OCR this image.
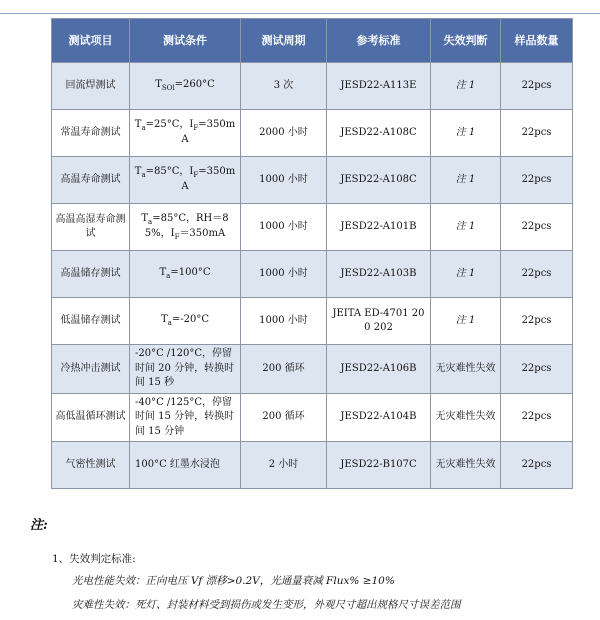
测试项目	测试条件	测试周期	参考标准	失效判断	样品数量
回流焊测试	$T_{SOl}=260^\circ C$	3 次	JESD22-A113E	注 1	22pcs
常温寿命测试	$T_a=25^\circ C$，$I_F=350mA$	2000 小时	JESD22-A108C	注 1	22pcs
高温寿命测试	$T_a=85^\circ C$，$I_F=350mA$	1000 小时	JESD22-A108C	注 1	22pcs
高温高湿寿命测试	$T_a=85^\circ C$，RH＝85%，$I_F=350mA$	1000 小时	JESD22-A101B	注 1	22pcs
高温储存测试	$T_a=100^\circ C$	1000 小时	JESD22-A103B	注 1	22pcs
低温储存测试	$T_a=-20^\circ C$	1000 小时	JEITA ED-4701 200 202	注 1	22pcs
冷热冲击测试	-20°C /120°C，停留时间 20 分钟，转换时间 15 秒	200 循环	JESD22-A106B	无灾难性失效	22pcs
高低温循环测试	-40°C /125°C，停留时间 15 分钟，转换时间 15 分钟	200 循环	JESD22-A104B	无灾难性失效	22pcs
气密性测试	100°C 红墨水浸泡	2 小时	JESD22-B107C	无灾难性失效	22pcs
注:
1、失效判定标准:
光电性能失效：正向电压 Vf 漂移>0.2V，光通量衰减 Flux% ≥10%
灾难性失效：死灯、封装材料受到损伤或发生变形，外观尺寸超出规格尺寸误差范围
